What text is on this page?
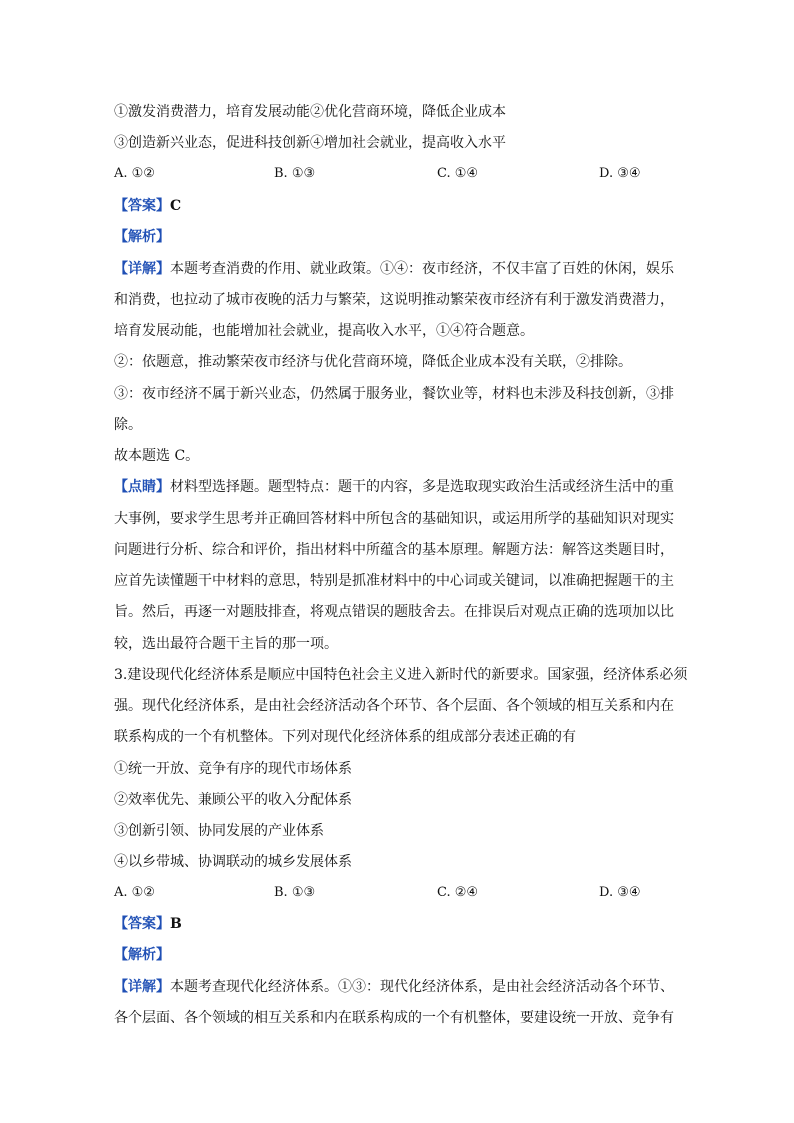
①激发消费潜力，培育发展动能②优化营商环境，降低企业成本
③创造新兴业态，促进科技创新④增加社会就业，提高收入水平
A. ①②	B. ①③	C. ①④	D. ③④
【答案】C
【解析】
【详解】本题考查消费的作用、就业政策。①④：夜市经济，不仅丰富了百姓的休闲，娱乐
和消费，也拉动了城市夜晚的活力与繁荣，这说明推动繁荣夜市经济有利于激发消费潜力，
培育发展动能，也能增加社会就业，提高收入水平，①④符合题意。
②：依题意，推动繁荣夜市经济与优化营商环境，降低企业成本没有关联，②排除。
③：夜市经济不属于新兴业态，仍然属于服务业，餐饮业等，材料也未涉及科技创新，③排
除。
故本题选 C。
【点睛】材料型选择题。题型特点：题干的内容，多是选取现实政治生活或经济生活中的重
大事例，要求学生思考并正确回答材料中所包含的基础知识，或运用所学的基础知识对现实
问题进行分析、综合和评价，指出材料中所蕴含的基本原理。解题方法：解答这类题目时，
应首先读懂题干中材料的意思，特别是抓准材料中的中心词或关键词，以准确把握题干的主
旨。然后，再逐一对题肢排查，将观点错误的题肢舍去。在排误后对观点正确的选项加以比
较，选出最符合题干主旨的那一项。
3.建设现代化经济体系是顺应中国特色社会主义进入新时代的新要求。国家强，经济体系必须
强。现代化经济体系，是由社会经济活动各个环节、各个层面、各个领域的相互关系和内在
联系构成的一个有机整体。下列对现代化经济体系的组成部分表述正确的有
①统一开放、竞争有序的现代市场体系
②效率优先、兼顾公平的收入分配体系
③创新引领、协同发展的产业体系
④以乡带城、协调联动的城乡发展体系
A. ①②	B. ①③	C. ②④	D. ③④
【答案】B
【解析】
【详解】本题考查现代化经济体系。①③：现代化经济体系，是由社会经济活动各个环节、
各个层面、各个领域的相互关系和内在联系构成的一个有机整体，要建设统一开放、竞争有
